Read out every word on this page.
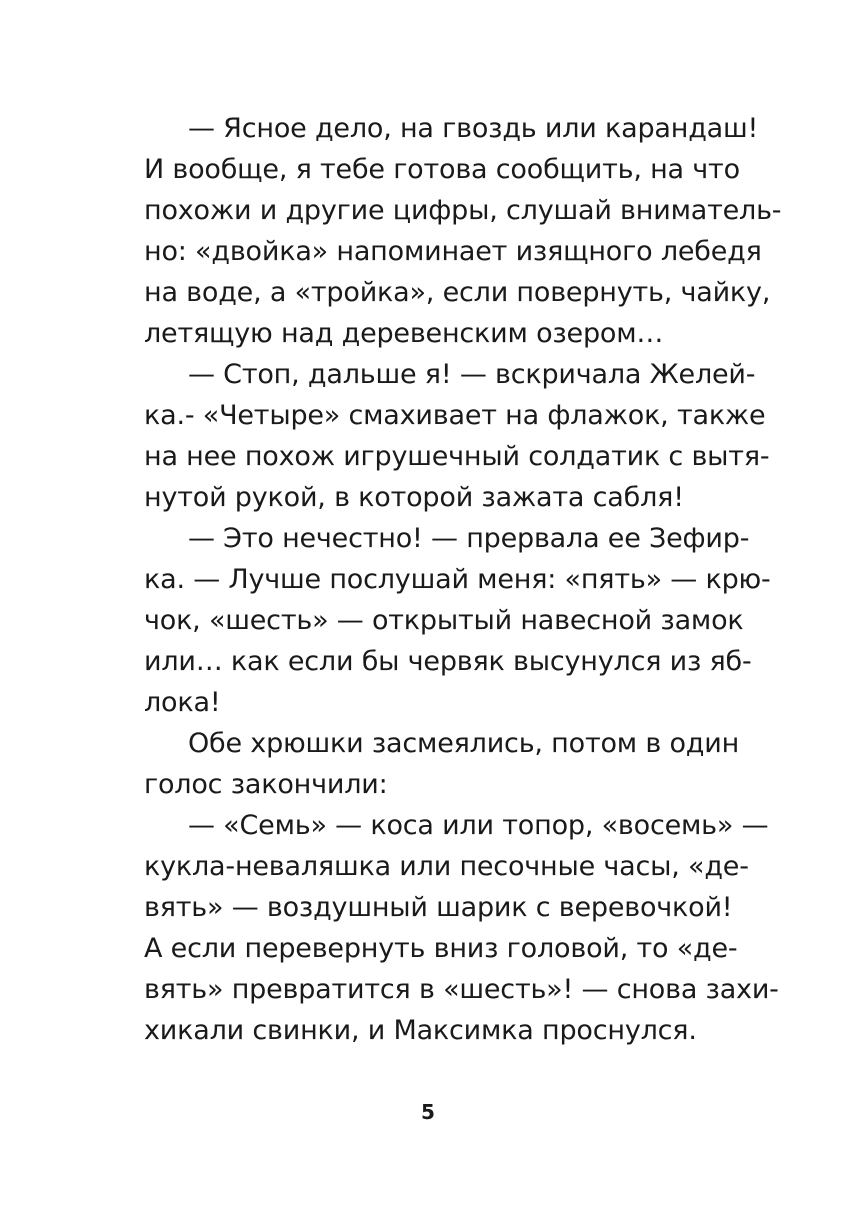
— Ясное дело, на гвоздь или карандаш!
И вообще, я тебе готова сообщить, на что
похожи и другие цифры, слушай вниматель-
но: «двойка» напоминает изящного лебедя
на воде, а «тройка», если повернуть, чайку,
летящую над деревенским озером…
— Стоп, дальше я! — вскричала Желей-
ка.- «Четыре» смахивает на флажок, также
на нее похож игрушечный солдатик с вытя-
нутой рукой, в которой зажата сабля!
— Это нечестно! — прервала ее Зефир-
ка. — Лучше послушай меня: «пять» — крю-
чок, «шесть» — открытый навесной замок
или… как если бы червяк высунулся из яб-
лока!
Обе хрюшки засмеялись, потом в один
голос закончили:
— «Семь» — коса или топор, «восемь» —
кукла-неваляшка или песочные часы, «де-
вять» — воздушный шарик с веревочкой!
А если перевернуть вниз головой, то «де-
вять» превратится в «шесть»! — снова захи-
хикали свинки, и Максимка проснулся.
5
